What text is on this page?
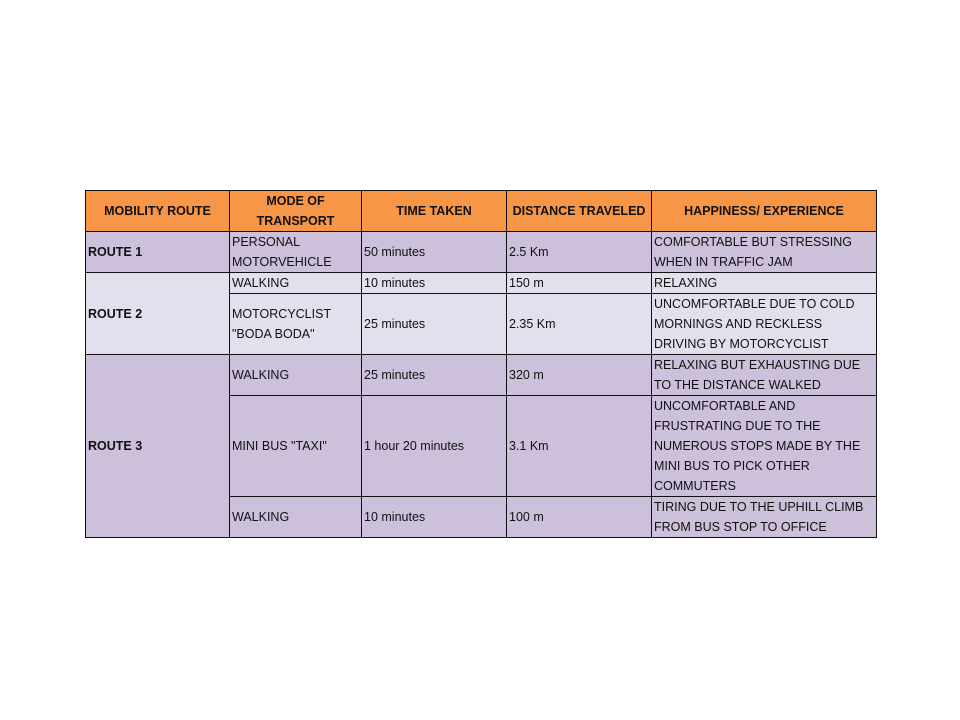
MOBILITY ROUTE	MODE OF TRANSPORT	TIME TAKEN	DISTANCE TRAVELED	HAPPINESS/ EXPERIENCE
ROUTE 1	PERSONAL MOTORVEHICLE	50 minutes	2.5 Km	COMFORTABLE BUT STRESSING WHEN IN TRAFFIC JAM
ROUTE 2	WALKING	10 minutes	150 m	RELAXING
	MOTORCYCLIST "BODA BODA"	25 minutes	2.35 Km	UNCOMFORTABLE DUE TO COLD MORNINGS AND RECKLESS DRIVING BY MOTORCYCLIST
ROUTE 3	WALKING	25 minutes	320 m	RELAXING BUT EXHAUSTING DUE TO THE DISTANCE WALKED
	MINI BUS "TAXI"	1 hour 20 minutes	3.1 Km	UNCOMFORTABLE AND FRUSTRATING DUE TO THE NUMEROUS STOPS MADE BY THE MINI BUS TO PICK OTHER COMMUTERS
	WALKING	10 minutes	100 m	TIRING DUE TO THE UPHILL CLIMB FROM BUS STOP TO OFFICE
